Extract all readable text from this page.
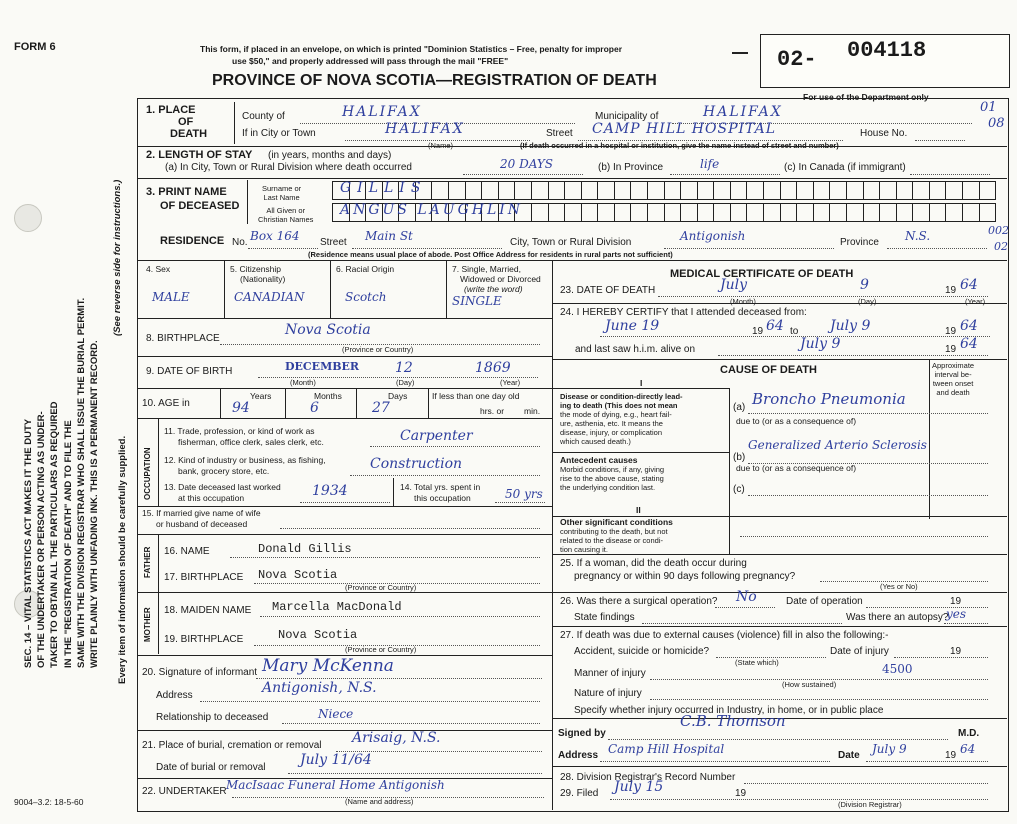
FORM 6	This form, if placed in an envelope, on which is printed "Dominion Statistics – Free, penalty for improper
use $50," and properly addressed will pass through the mail "FREE"
PROVINCE OF NOVA SCOTIA—REGISTRATION OF DEATH
02- 004118
For use of the Department only
01
08
SEC. 14 – VITAL STATISTICS ACT MAKES IT THE DUTY OF THE UNDERTAKER OR PERSON ACTING AS UNDER- TAKER TO OBTAIN ALL THE PARTICULARS AS REQUIRED IN THE "REGISTRATION OF DEATH" AND TO FILE THE SAME WITH THE DIVISION REGISTRAR WHO SHALL ISSUE THE BURIAL PERMIT. WRITE PLAINLY WITH UNFADING INK. THIS IS A PERMANENT RECORD.
(See reverse side for instructions.)
Every item of information should be carefully supplied.
1. PLACE
OF
DEATH
County of	HALIFAX	Municipality of	HALIFAX
If in City or Town	HALIFAX
(Name)
Street CAMP HILL HOSPITAL	House No.
(If death occurred in a hospital or institution, give the name instead of street and number)
2. LENGTH OF STAY (in years, months and days)
(a) In City, Town or Rural Division where death occurred	20 DAYS	(b) In Province	life	(c) In Canada (if immigrant)
3. PRINT NAME
OF DECEASED
Surname or
Last Name
All Given or
Christian Names
GILLIS
ANGUS LAUGHLIN
RESIDENCE No. Box 164 Street Main St	City, Town or Rural Division	Antigonish	Province N.S.	002
02
(Residence means usual place of abode. Post Office Address for residents in rural parts not sufficient)
4. Sex
MALE
5. Citizenship
(Nationality)
CANADIAN
6. Racial Origin
Scotch
7. Single, Married,
Widowed or Divorced
(write the word)
SINGLE
8. BIRTHPLACE
Nova Scotia
(Province or Country)
9. DATE OF BIRTH	DECEMBER	12	1869
(Month)	(Day)	(Year)
10. AGE in
Years	Months	Days
94	6	27
If less than one day old
hrs. or min.
OCCUPATION
11. Trade, profession, or kind of work as
fisherman, office clerk, sales clerk, etc.	Carpenter
12. Kind of industry or business, as fishing,
bank, grocery store, etc.	Construction
13. Date deceased last worked
at this occupation	1934	14. Total yrs. spent in
this occupation	50 yrs
15. If married give name of wife
or husband of deceased
FATHER 16. NAME	Donald Gillis
17. BIRTHPLACE Nova Scotia
(Province or Country)
MOTHER 18. MAIDEN NAME Marcella MacDonald
19. BIRTHPLACE	Nova Scotia
(Province or Country)
20. Signature of informant Mary McKenna
Address	Antigonish, N.S.
Relationship to deceased	Niece
21. Place of burial, cremation or removal Arisaig, N.S.
Date of burial or removal July 11/64
22. UNDERTAKER MacIsaac Funeral Home Antigonish
(Name and address)
MEDICAL CERTIFICATE OF DEATH
23. DATE OF DEATH	July	9	19 64
(Month)	(Day)	(Year)
24. I HEREBY CERTIFY that I attended deceased from:
June 19	19 64 to July 9	19 64
and last saw h.i.m. alive on	July 9	19 64
CAUSE OF DEATH	Approximate
interval be-
tween onset
and death
I
Disease or condition-directly lead-
ing to death (This does not mean
the mode of dying, e.g., heart fail-
ure, asthenia, etc. It means the
disease, injury, or complication
which caused death.)
(a) Broncho Pneumonia
due to (or as a consequence of)
Antecedent causes
Morbid conditions, if any, giving
rise to the above cause, stating
the underlying condition last.
(b)
Generalized Arterio Sclerosis
due to (or as a consequence of)
(c)
II
Other significant conditions
contributing to the death, but not
related to the disease or condi-
tion causing it.
25. If a woman, did the death occur during
pregnancy or within 90 days following pregnancy?
(Yes or No)
26. Was there a surgical operation? No	Date of operation	19
State findings	Was there an autopsy?
yes
27. If death was due to external causes (violence) fill in also the following:-
Accident, suicide or homicide?	Date of injury	19
(State which)
Manner of injury	4500
(How sustained)
Nature of injury
Specify whether injury occurred in Industry, in home, or in public place
Signed by
C.B. Thomson
M.D.
Address Camp Hill Hospital	Date July 9	19 64
28. Division Registrar's Record Number
29. Filed July 15	19
(Division Registrar)
9004–3.2: 18-5-60
